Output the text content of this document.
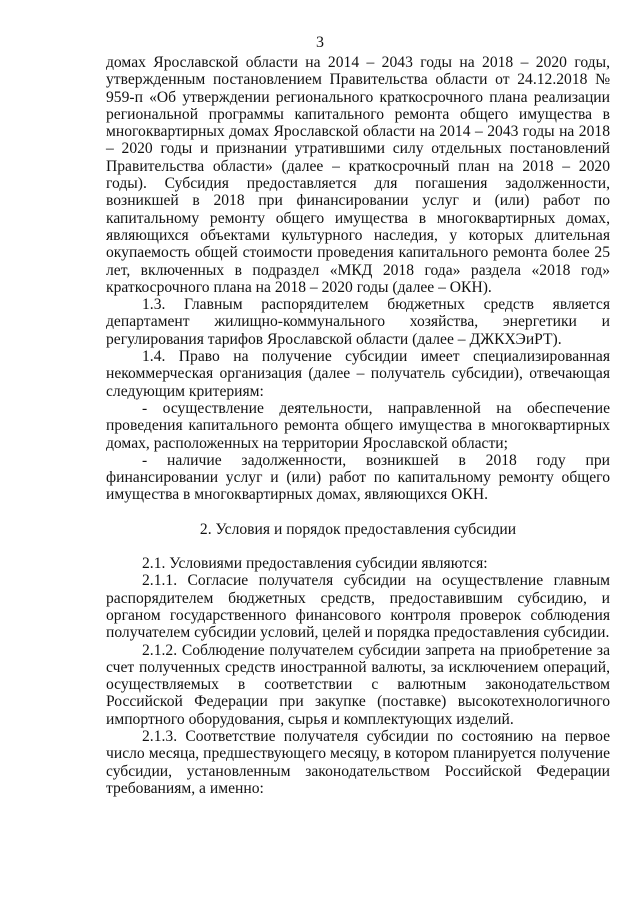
3

домах Ярославской области на 2014 – 2043 годы на 2018 – 2020 годы, утвержденным постановлением Правительства области от 24.12.2018 № 959-п «Об утверждении регионального краткосрочного плана реализации региональной программы капитального ремонта общего имущества в многоквартирных домах Ярославской области на 2014 – 2043 годы на 2018 – 2020 годы и признании утратившими силу отдельных постановлений Правительства области» (далее – краткосрочный план на 2018 – 2020 годы). Субсидия предоставляется для погашения задолженности, возникшей в 2018 при финансировании услуг и (или) работ по капитальному ремонту общего имущества в многоквартирных домах, являющихся объектами культурного наследия, у которых длительная окупаемость общей стоимости проведения капитального ремонта более 25 лет, включенных в подраздел «МКД 2018 года» раздела «2018 год» краткосрочного плана на 2018 – 2020 годы (далее – ОКН).

1.3. Главным распорядителем бюджетных средств является департамент жилищно-коммунального хозяйства, энергетики и регулирования тарифов Ярославской области (далее – ДЖКХЭиРТ).

1.4. Право на получение субсидии имеет специализированная некоммерческая организация (далее – получатель субсидии), отвечающая следующим критериям:

- осуществление деятельности, направленной на обеспечение проведения капитального ремонта общего имущества в многоквартирных домах, расположенных на территории Ярославской области;

- наличие задолженности, возникшей в 2018 году при финансировании услуг и (или) работ по капитальному ремонту общего имущества в многоквартирных домах, являющихся ОКН.

2. Условия и порядок предоставления субсидии

2.1. Условиями предоставления субсидии являются:

2.1.1. Согласие получателя субсидии на осуществление главным распорядителем бюджетных средств, предоставившим субсидию, и органом государственного финансового контроля проверок соблюдения получателем субсидии условий, целей и порядка предоставления субсидии.

2.1.2. Соблюдение получателем субсидии запрета на приобретение за счет полученных средств иностранной валюты, за исключением операций, осуществляемых в соответствии с валютным законодательством Российской Федерации при закупке (поставке) высокотехнологичного импортного оборудования, сырья и комплектующих изделий.

2.1.3. Соответствие получателя субсидии по состоянию на первое число месяца, предшествующего месяцу, в котором планируется получение субсидии, установленным законодательством Российской Федерации требованиям, а именно:
